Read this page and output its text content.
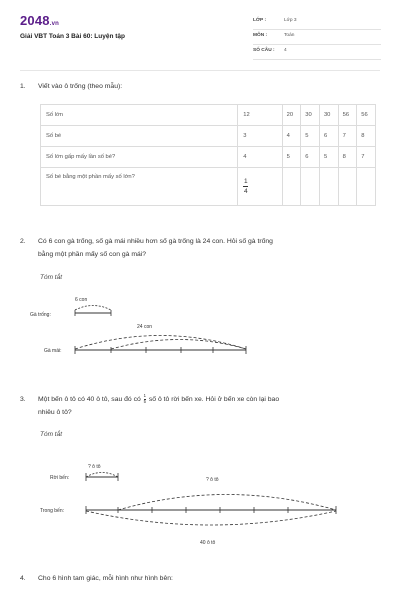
2048.vn
Giải VBT Toán 3 Bài 60: Luyện tập
LỚP :	Lớp 3
MÔN :	Toán
SỐ CÂU : 4
1. Viết vào ô trống (theo mẫu):
Số lớn	12	20	30	30	56	56
Số bé	3	4	5	6	7	8
Số lớn gấp mấy lần số bé?	4	5	6	5	8	7
Số bé bằng một phần mấy số lớn?	$\frac{1}{4}$					
2. Có 6 con gà trống, số gà mái nhiều hơn số gà trống là 24 con. Hỏi số gà trống
bằng một phần mấy số con gà mái?
Tóm tắt
6 con
Gà trống:
24 con
Gà mái:
3. Một bến ô tô có 40 ô tô, sau đó có $\frac{1}{5}$ số ô tô rời bến xe. Hỏi ở bến xe còn lại bao
nhiêu ô tô?
Tóm tắt
? ô tô
Rời bến:	? ô tô
Trong bến:
40 ô tô
4. Cho 6 hình tam giác, mỗi hình như hình bên:
